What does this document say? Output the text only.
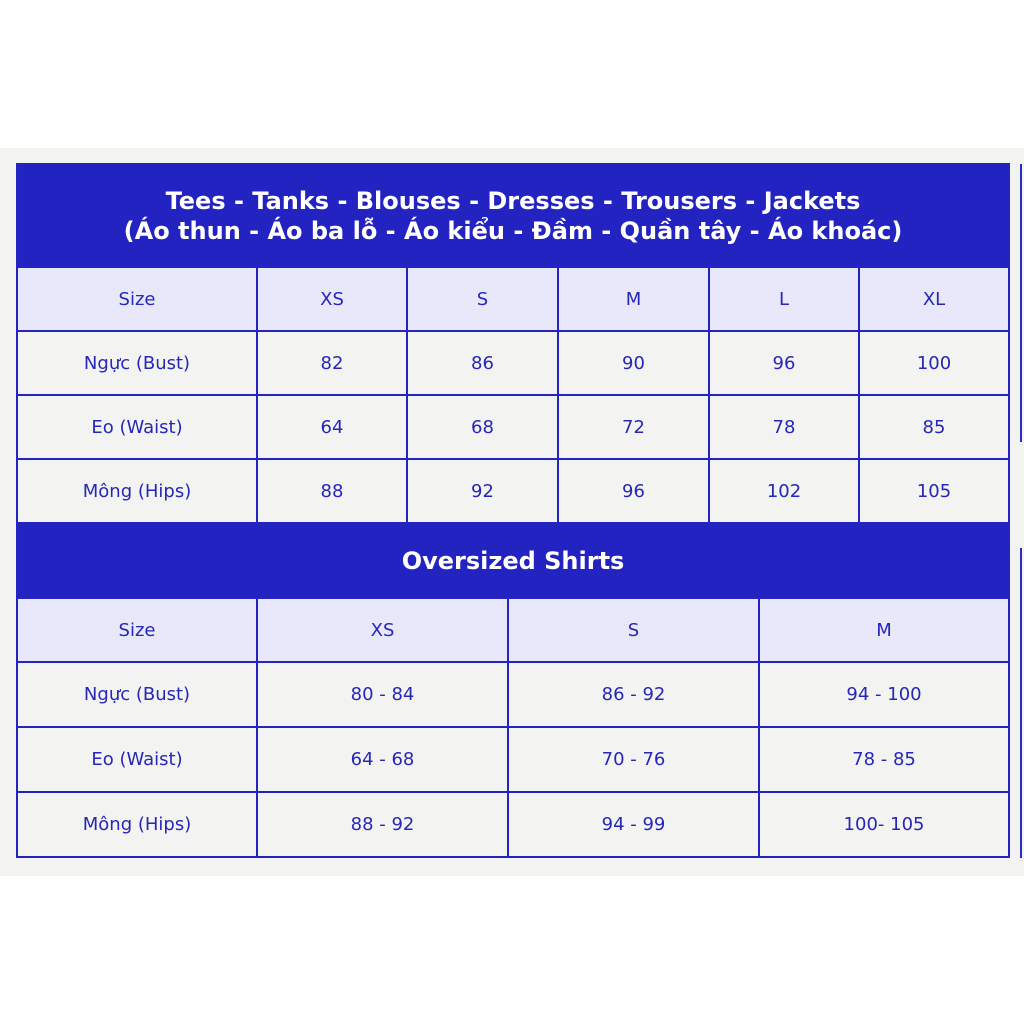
Tees - Tanks - Blouses - Dresses - Trousers - Jackets
(Áo thun - Áo ba lỗ - Áo kiểu - Đầm - Quần tây - Áo khoác)					

Size	XS	S	M	L	XL
Ngực (Bust)	82	86	90	96	100
Eo (Waist)	64	68	72	78	85
Mông (Hips)	88	92	96	102	105
Oversized Shirts			
Size	XS	S	M
Ngực (Bust)	80 - 84	86 - 92	94 - 100
Eo (Waist)	64 - 68	70 - 76	78 - 85
Mông (Hips)	88 - 92	94 - 99	100- 105
